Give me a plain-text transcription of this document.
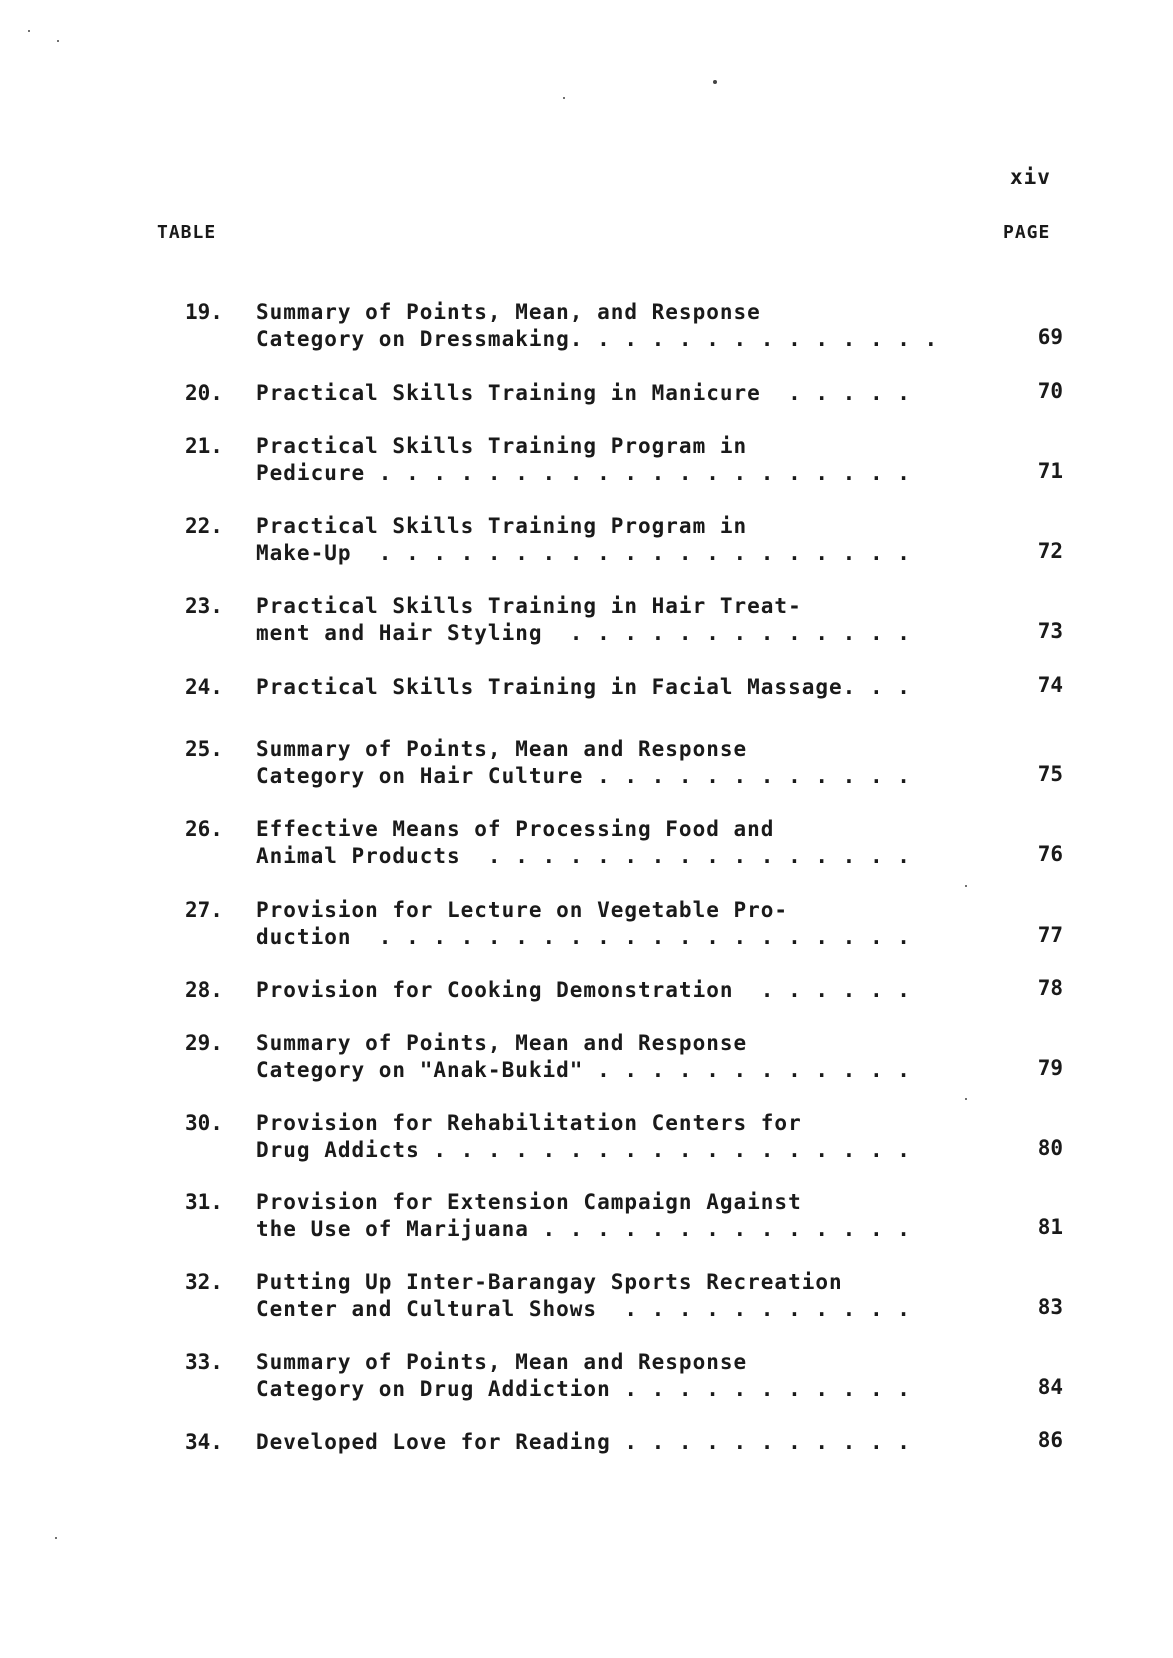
xiv
TABLE	PAGE
19. Summary of Points, Mean, and Response
Category on Dressmaking. . . . . . . . . . . . . .	69
20. Practical Skills Training in Manicure  . . . . .	70
21. Practical Skills Training Program in
Pedicure . . . . . . . . . . . . . . . . . . . .	71
22. Practical Skills Training Program in
Make-Up  . . . . . . . . . . . . . . . . . . . .	72
23. Practical Skills Training in Hair Treat-
ment and Hair Styling  . . . . . . . . . . . . .	73
24. Practical Skills Training in Facial Massage. . .	74
25. Summary of Points, Mean and Response
Category on Hair Culture . . . . . . . . . . . .	75
26. Effective Means of Processing Food and
Animal Products  . . . . . . . . . . . . . . . .	76
27. Provision for Lecture on Vegetable Pro-
duction  . . . . . . . . . . . . . . . . . . . .	77
28. Provision for Cooking Demonstration  . . . . . .	78
29. Summary of Points, Mean and Response
Category on "Anak-Bukid" . . . . . . . . . . . .	79
30. Provision for Rehabilitation Centers for
Drug Addicts . . . . . . . . . . . . . . . . . .	80
31. Provision for Extension Campaign Against
the Use of Marijuana . . . . . . . . . . . . . .	81
32. Putting Up Inter-Barangay Sports Recreation
Center and Cultural Shows  . . . . . . . . . . .	83
33. Summary of Points, Mean and Response
Category on Drug Addiction . . . . . . . . . . .	84
34. Developed Love for Reading . . . . . . . . . . .	86
